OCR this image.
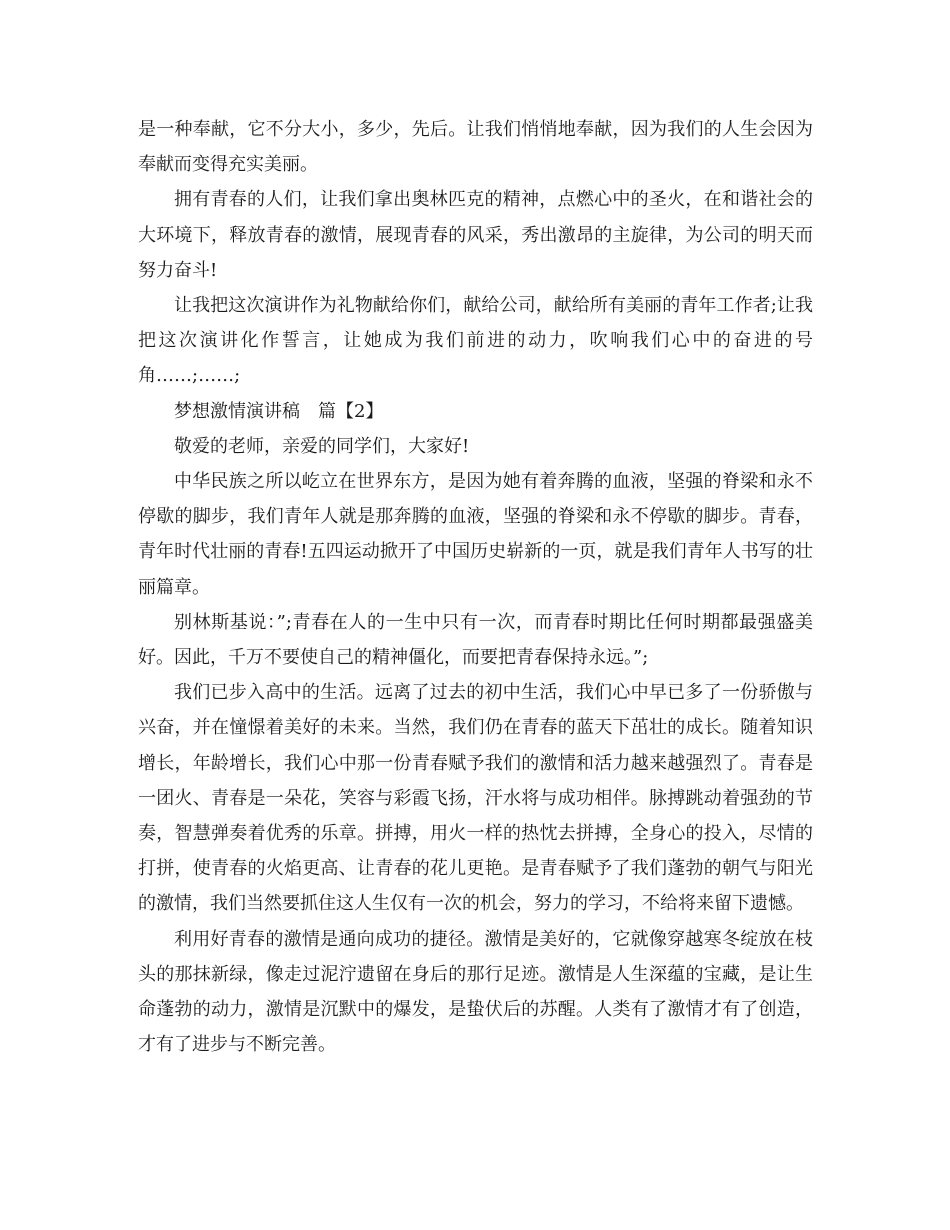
是一种奉献，它不分大小，多少，先后。让我们悄悄地奉献，因为我们的人生会因为奉献而变得充实美丽。

拥有青春的人们，让我们拿出奥林匹克的精神，点燃心中的圣火，在和谐社会的大环境下，释放青春的激情，展现青春的风采，秀出激昂的主旋律，为公司的明天而努力奋斗!

让我把这次演讲作为礼物献给你们，献给公司，献给所有美丽的青年工作者;让我把这次演讲化作誓言，让她成为我们前进的动力，吹响我们心中的奋进的号角……;……;

梦想激情演讲稿　篇【2】

敬爱的老师，亲爱的同学们，大家好!

中华民族之所以屹立在世界东方，是因为她有着奔腾的血液，坚强的脊梁和永不停歇的脚步，我们青年人就是那奔腾的血液，坚强的脊梁和永不停歇的脚步。青春，青年时代壮丽的青春!五四运动掀开了中国历史崭新的一页，就是我们青年人书写的壮丽篇章。

别林斯基说：”;青春在人的一生中只有一次，而青春时期比任何时期都最强盛美好。因此，千万不要使自己的精神僵化，而要把青春保持永远。”;

我们已步入高中的生活。远离了过去的初中生活，我们心中早已多了一份骄傲与兴奋，并在憧憬着美好的未来。当然，我们仍在青春的蓝天下茁壮的成长。随着知识增长，年龄增长，我们心中那一份青春赋予我们的激情和活力越来越强烈了。青春是一团火、青春是一朵花，笑容与彩霞飞扬，汗水将与成功相伴。脉搏跳动着强劲的节奏，智慧弹奏着优秀的乐章。拼搏，用火一样的热忱去拼搏，全身心的投入，尽情的打拼，使青春的火焰更高、让青春的花儿更艳。是青春赋予了我们蓬勃的朝气与阳光的激情，我们当然要抓住这人生仅有一次的机会，努力的学习，不给将来留下遗憾。

利用好青春的激情是通向成功的捷径。激情是美好的，它就像穿越寒冬绽放在枝头的那抹新绿，像走过泥泞遗留在身后的那行足迹。激情是人生深蕴的宝藏，是让生命蓬勃的动力，激情是沉默中的爆发，是蛰伏后的苏醒。人类有了激情才有了创造，才有了进步与不断完善。
